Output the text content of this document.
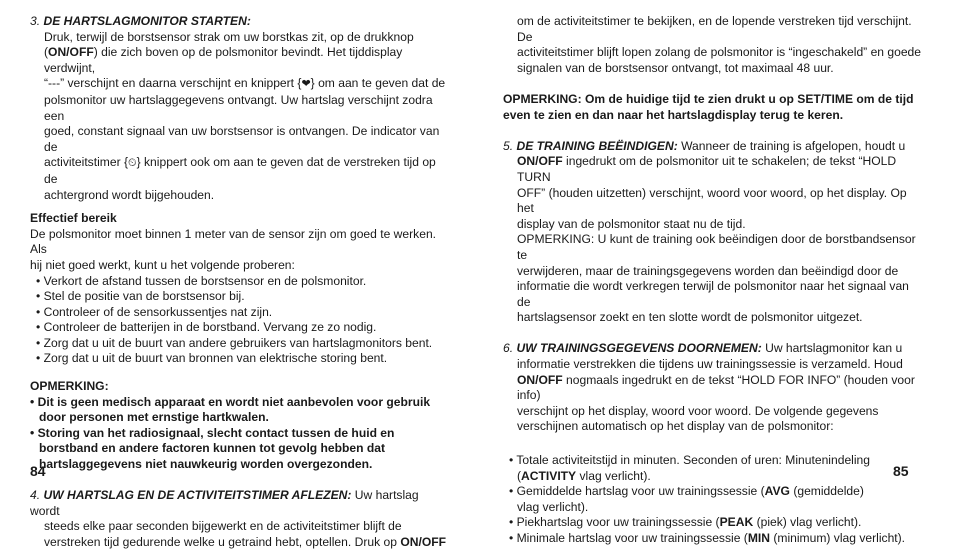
3. DE HARTSLAGMONITOR STARTEN:

Druk, terwijl de borstsensor strak om uw borstkas zit, op de drukknop

(ON/OFF) die zich boven op de polsmonitor bevindt. Het tijddisplay verdwijnt,

“---” verschijnt en daarna verschijnt en knippert {❤} om aan te geven dat de

polsmonitor uw hartslaggegevens ontvangt. Uw hartslag verschijnt zodra een

goed, constant signaal van uw borstsensor is ontvangen. De indicator van de

activiteitstimer {⏲} knippert ook om aan te geven dat de verstreken tijd op de

achtergrond wordt bijgehouden.

Effectief bereik

De polsmonitor moet binnen 1 meter van de sensor zijn om goed te werken. Als

hij niet goed werkt, kunt u het volgende proberen:

• Verkort de afstand tussen de borstsensor en de polsmonitor.

• Stel de positie van de borstsensor bij.

• Controleer of de sensorkussentjes nat zijn.

• Controleer de batterijen in de borstband. Vervang ze zo nodig.

• Zorg dat u uit de buurt van andere gebruikers van hartslagmonitors bent.

• Zorg dat u uit de buurt van bronnen van elektrische storing bent.

OPMERKING:

• Dit is geen medisch apparaat en wordt niet aanbevolen voor gebruik door personen met ernstige hartkwalen.

• Storing van het radiosignaal, slecht contact tussen de huid en borstband en andere factoren kunnen tot gevolg hebben dat hartslaggegevens niet nauwkeurig worden overgezonden.

4. UW HARTSLAG EN DE ACTIVITEITSTIMER AFLEZEN: Uw hartslag wordt

steeds elke paar seconden bijgewerkt en de activiteitstimer blijft de

verstreken tijd gedurende welke u getraind hebt, optellen. Druk op ON/OFF

84

om de activiteitstimer te bekijken, en de lopende verstreken tijd verschijnt. De

activiteitstimer blijft lopen zolang de polsmonitor is “ingeschakeld” en goede

signalen van de borstsensor ontvangt, tot maximaal 48 uur.

OPMERKING: Om de huidige tijd te zien drukt u op SET/TIME om de tijd

even te zien en dan naar het hartslagdisplay terug te keren.

5. DE TRAINING BEËINDIGEN: Wanneer de training is afgelopen, houdt u

ON/OFF ingedrukt om de polsmonitor uit te schakelen; de tekst “HOLD TURN

OFF” (houden uitzetten) verschijnt, woord voor woord, op het display. Op het

display van de polsmonitor staat nu de tijd.

OPMERKING: U kunt de training ook beëindigen door de borstbandsensor te

verwijderen, maar de trainingsgegevens worden dan beëindigd door de

informatie die wordt verkregen terwijl de polsmonitor naar het signaal van de

hartslagsensor zoekt en ten slotte wordt de polsmonitor uitgezet.

6. UW TRAININGSGEGEVENS DOORNEMEN: Uw hartslagmonitor kan u

informatie verstrekken die tijdens uw trainingssessie is verzameld. Houd

ON/OFF nogmaals ingedrukt en de tekst “HOLD FOR INFO” (houden voor info)

verschijnt op het display, woord voor woord. De volgende gegevens

verschijnen automatisch op het display van de polsmonitor:

• Totale activiteitstijd in minuten. Seconden of uren: Minutenindeling

(ACTIVITY vlag verlicht).

• Gemiddelde hartslag voor uw trainingssessie (AVG (gemiddelde)

vlag verlicht).

• Piekhartslag voor uw trainingssessie (PEAK (piek) vlag verlicht).

• Minimale hartslag voor uw trainingssessie (MIN (minimum) vlag verlicht).

85
